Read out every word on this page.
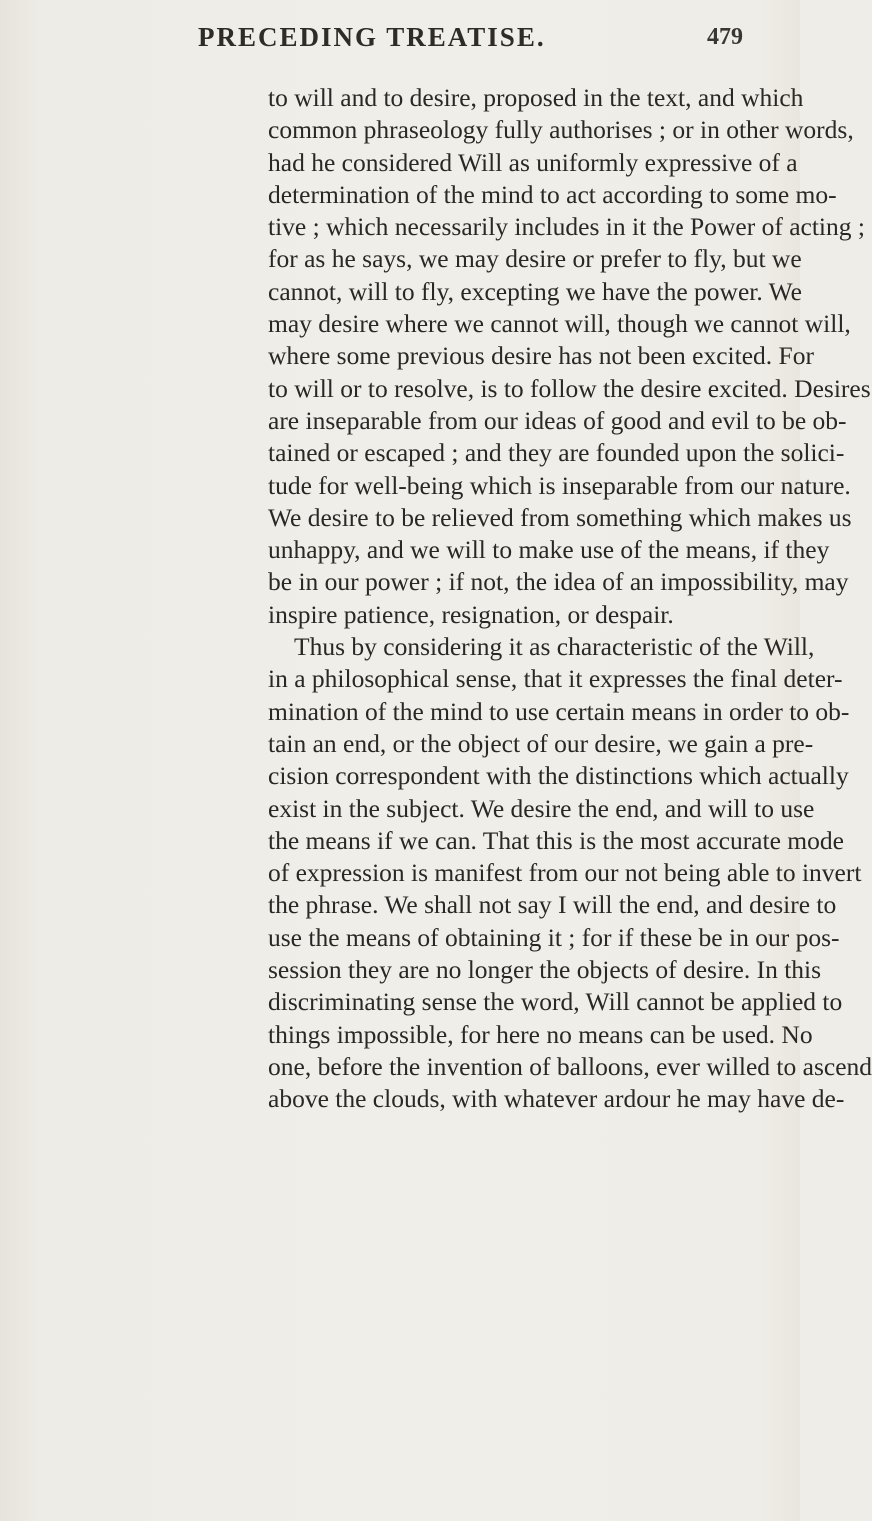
PRECEDING TREATISE.	479
to will and to desire, proposed in the text, and which
common phraseology fully authorises ; or in other words,
had he considered Will as uniformly expressive of a
determination of the mind to act according to some mo-
tive ; which necessarily includes in it the Power of acting ;
for as he says, we may desire or prefer to fly, but we
cannot, will to fly, excepting we have the power. We
may desire where we cannot will, though we cannot will,
where some previous desire has not been excited. For
to will or to resolve, is to follow the desire excited. Desires
are inseparable from our ideas of good and evil to be ob-
tained or escaped ; and they are founded upon the solici-
tude for well-being which is inseparable from our nature.
We desire to be relieved from something which makes us
unhappy, and we will to make use of the means, if they
be in our power ; if not, the idea of an impossibility, may
inspire patience, resignation, or despair.
Thus by considering it as characteristic of the Will,
in a philosophical sense, that it expresses the final deter-
mination of the mind to use certain means in order to ob-
tain an end, or the object of our desire, we gain a pre-
cision correspondent with the distinctions which actually
exist in the subject. We desire the end, and will to use
the means if we can. That this is the most accurate mode
of expression is manifest from our not being able to invert
the phrase. We shall not say I will the end, and desire to
use the means of obtaining it ; for if these be in our pos-
session they are no longer the objects of desire. In this
discriminating sense the word, Will cannot be applied to
things impossible, for here no means can be used. No
one, before the invention of balloons, ever willed to ascend
above the clouds, with whatever ardour he may have de-
